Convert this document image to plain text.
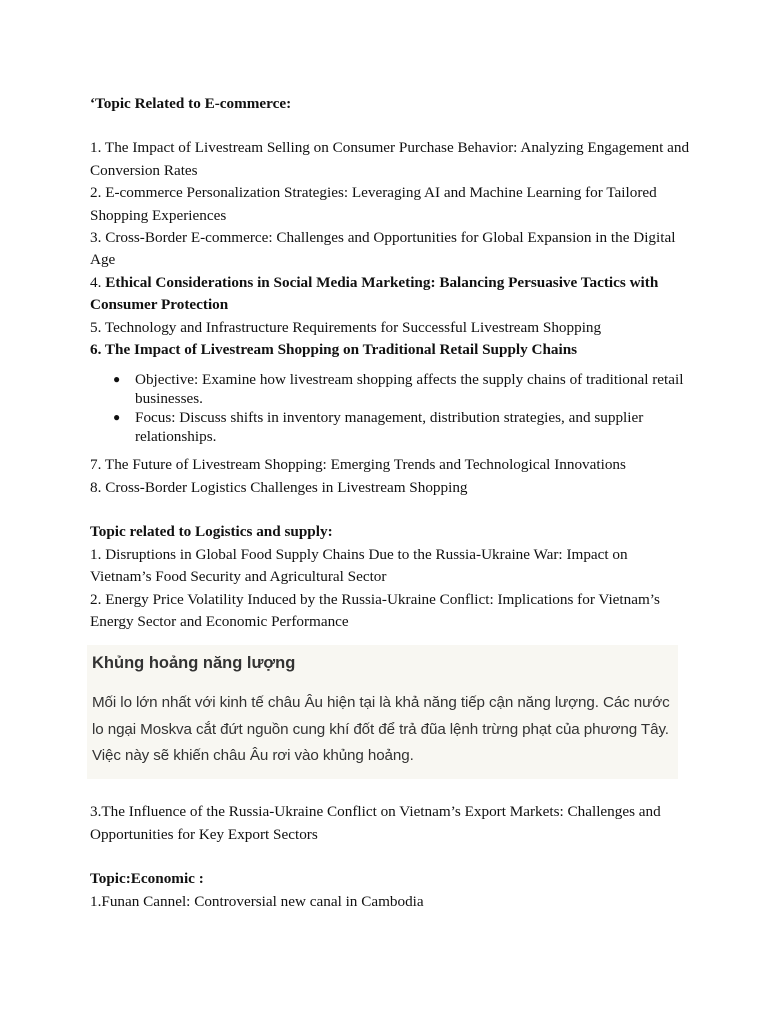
‘Topic Related to E-commerce:

1. The Impact of Livestream Selling on Consumer Purchase Behavior: Analyzing Engagement and Conversion Rates

2. E-commerce Personalization Strategies: Leveraging AI and Machine Learning for Tailored Shopping Experiences

3. Cross-Border E-commerce: Challenges and Opportunities for Global Expansion in the Digital Age

4. Ethical Considerations in Social Media Marketing: Balancing Persuasive Tactics with Consumer Protection

5. Technology and Infrastructure Requirements for Successful Livestream Shopping

6. The Impact of Livestream Shopping on Traditional Retail Supply Chains

● Objective: Examine how livestream shopping affects the supply chains of traditional retail businesses.
● Focus: Discuss shifts in inventory management, distribution strategies, and supplier relationships.

7. The Future of Livestream Shopping: Emerging Trends and Technological Innovations

8. Cross-Border Logistics Challenges in Livestream Shopping

Topic related to Logistics and supply:

1. Disruptions in Global Food Supply Chains Due to the Russia-Ukraine War: Impact on Vietnam’s Food Security and Agricultural Sector

2. Energy Price Volatility Induced by the Russia-Ukraine Conflict: Implications for Vietnam’s Energy Sector and Economic Performance

Khủng hoảng năng lượng

Mối lo lớn nhất với kinh tế châu Âu hiện tại là khả năng tiếp cận năng lượng. Các nước lo ngại Moskva cắt đứt nguồn cung khí đốt để trả đũa lệnh trừng phạt của phương Tây. Việc này sẽ khiến châu Âu rơi vào khủng hoảng.

3.The Influence of the Russia-Ukraine Conflict on Vietnam’s Export Markets: Challenges and Opportunities for Key Export Sectors

Topic:Economic :

1.Funan Cannel: Controversial new canal in Cambodia
